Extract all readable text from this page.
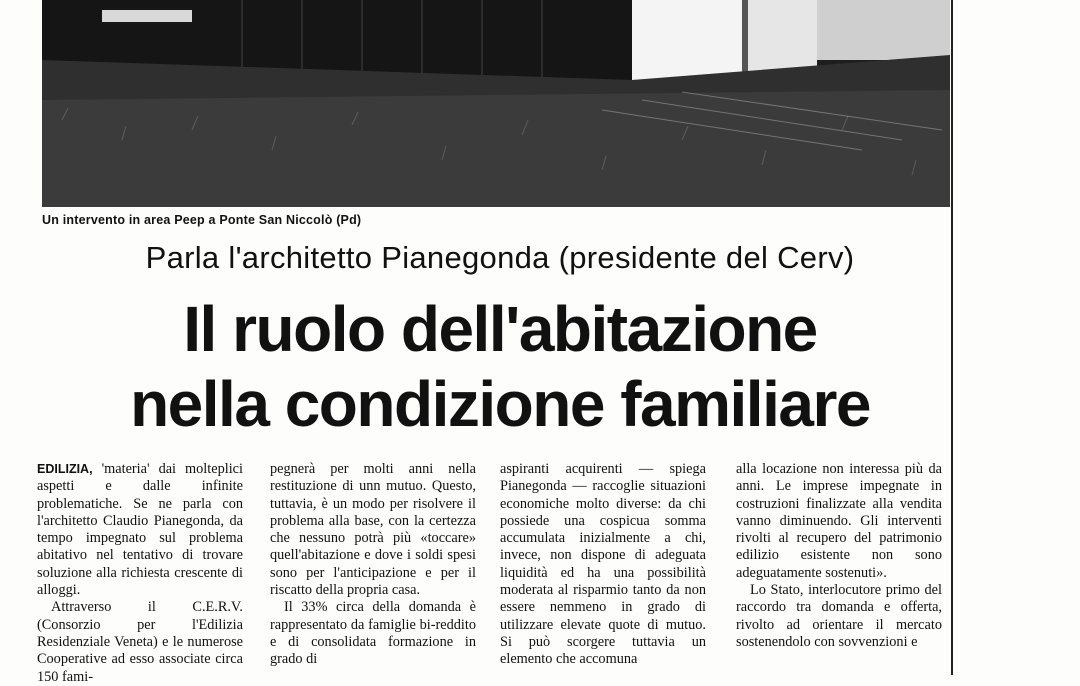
Un intervento in area Peep a Ponte San Niccolò (Pd)
Parla l'architetto Pianegonda (presidente del Cerv)
Il ruolo dell'abitazione
nella condizione familiare

EDILIZIA, 'materia' dai molteplici aspetti e dalle infinite problematiche. Se ne parla con l'architetto Claudio Pianegonda, da tempo impegnato sul problema abitativo nel tentativo di trovare soluzione alla richiesta crescente di alloggi.

Attraverso il C.E.R.V. (Consorzio per l'Edilizia Residenziale Veneta) e le numerose Cooperative ad esso associate circa 150 fami-

pegnerà per molti anni nella restituzione di unn mutuo. Questo, tuttavia, è un modo per risolvere il problema alla base, con la certezza che nessuno potrà più «toccare» quell'abitazione e dove i soldi spesi sono per l'anticipazione e per il riscatto della propria casa.

Il 33% circa della domanda è rappresentato da famiglie bi-reddito e di consolidata formazione in grado di

aspiranti acquirenti — spiega Pianegonda — raccoglie situazioni economiche molto diverse: da chi possiede una cospicua somma accumulata inizialmente a chi, invece, non dispone di adeguata liquidità ed ha una possibilità moderata al risparmio tanto da non essere nemmeno in grado di utilizzare elevate quote di mutuo. Si può scorgere tuttavia un elemento che accomuna

alla locazione non interessa più da anni. Le imprese impegnate in costruzioni finalizzate alla vendita vanno diminuendo. Gli interventi rivolti al recupero del patrimonio edilizio esistente non sono adeguatamente sostenuti».

Lo Stato, interlocutore primo del raccordo tra domanda e offerta, rivolto ad orientare il mercato sostenendolo con sovvenzioni e
